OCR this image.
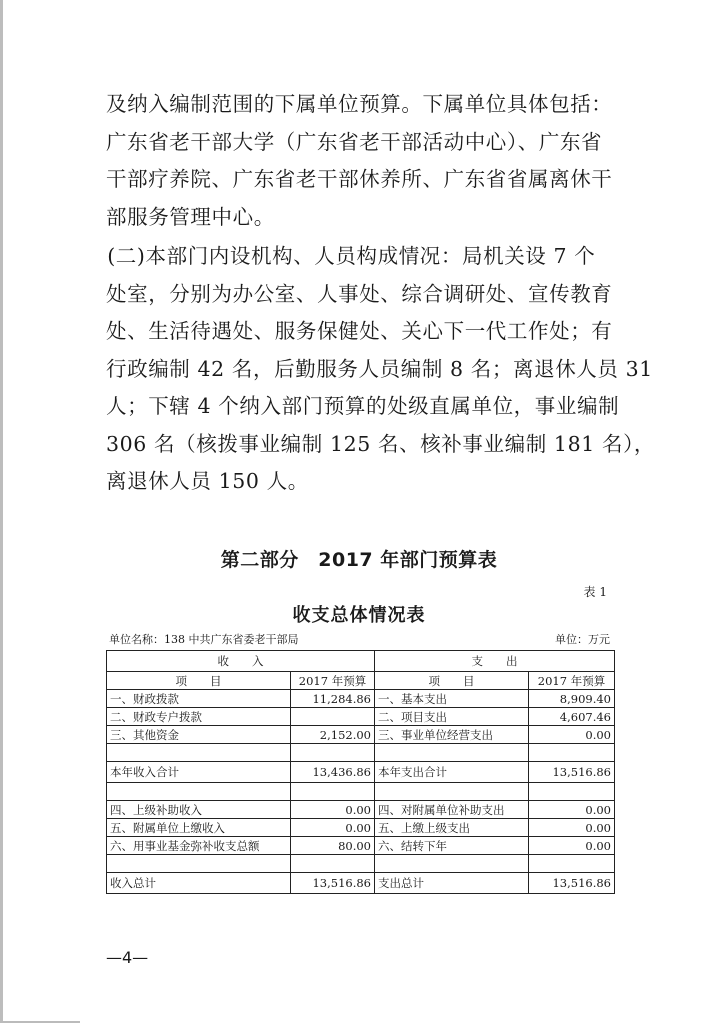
及纳入编制范围的下属单位预算。下属单位具体包括：
广东省老干部大学（广东省老干部活动中心）、广东省
干部疗养院、广东省老干部休养所、广东省省属离休干
部服务管理中心。

　　(二)本部门内设机构、人员构成情况：局机关设 7 个
处室，分别为办公室、人事处、综合调研处、宣传教育
处、生活待遇处、服务保健处、关心下一代工作处；有
行政编制 42 名，后勤服务人员编制 8 名；离退休人员 31
人；下辖 4 个纳入部门预算的处级直属单位，事业编制
306 名（核拨事业编制 125 名、核补事业编制 181 名），
离退休人员 150 人。

第二部分　2017 年部门预算表
表 1
收支总体情况表
单位名称：138 中共广东省委老干部局	单位：万元
收　　入		支　　出	
项　　目	2017 年预算	项　　目	2017 年预算
一、财政拨款	11,284.86	一、基本支出	8,909.40
二、财政专户拨款		二、项目支出	4,607.46
三、其他资金	2,152.00	三、事业单位经营支出	0.00

本年收入合计	13,436.86	本年支出合计	13,516.86

四、上级补助收入	0.00	四、对附属单位补助支出	0.00
五、附属单位上缴收入	0.00	五、上缴上级支出	0.00
六、用事业基金弥补收支总额	80.00	六、结转下年	0.00

收入总计	13,516.86	支出总计	13,516.86
—4—
